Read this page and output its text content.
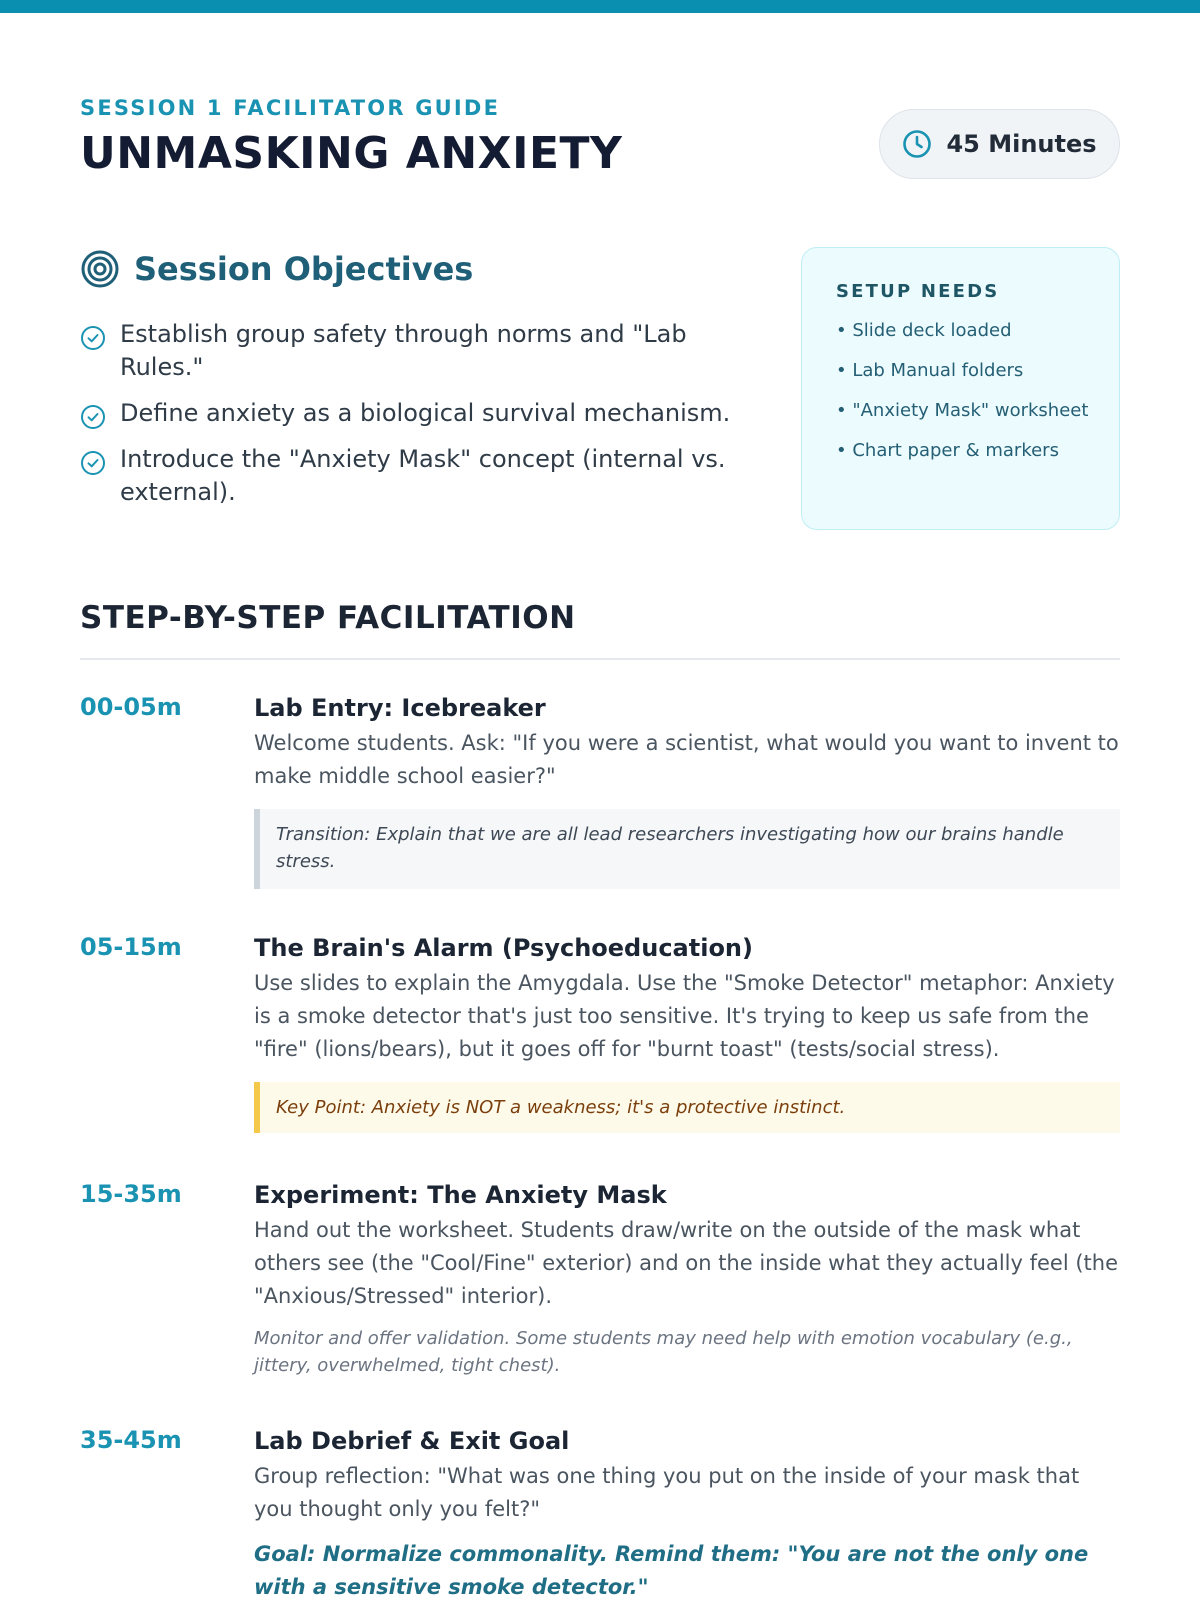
SESSION 1 FACILITATOR GUIDE
UNMASKING ANXIETY	45 Minutes
Session Objectives
Establish group safety through norms and "Lab Rules."
Define anxiety as a biological survival mechanism.
Introduce the "Anxiety Mask" concept (internal vs. external).
SETUP NEEDS
• Slide deck loaded
• Lab Manual folders
• "Anxiety Mask" worksheet
• Chart paper & markers
STEP-BY-STEP FACILITATION
00-05m	Lab Entry: Icebreaker
Welcome students. Ask: "If you were a scientist, what would you want to invent to make middle school easier?"
Transition: Explain that we are all lead researchers investigating how our brains handle stress.
05-15m	The Brain's Alarm (Psychoeducation)
Use slides to explain the Amygdala. Use the "Smoke Detector" metaphor: Anxiety is a smoke detector that's just too sensitive. It's trying to keep us safe from the "fire" (lions/bears), but it goes off for "burnt toast" (tests/social stress).
Key Point: Anxiety is NOT a weakness; it's a protective instinct.
15-35m	Experiment: The Anxiety Mask
Hand out the worksheet. Students draw/write on the outside of the mask what others see (the "Cool/Fine" exterior) and on the inside what they actually feel (the "Anxious/Stressed" interior).
Monitor and offer validation. Some students may need help with emotion vocabulary (e.g., jittery, overwhelmed, tight chest).
35-45m	Lab Debrief & Exit Goal
Group reflection: "What was one thing you put on the inside of your mask that you thought only you felt?"
Goal: Normalize commonality. Remind them: "You are not the only one with a sensitive smoke detector."
